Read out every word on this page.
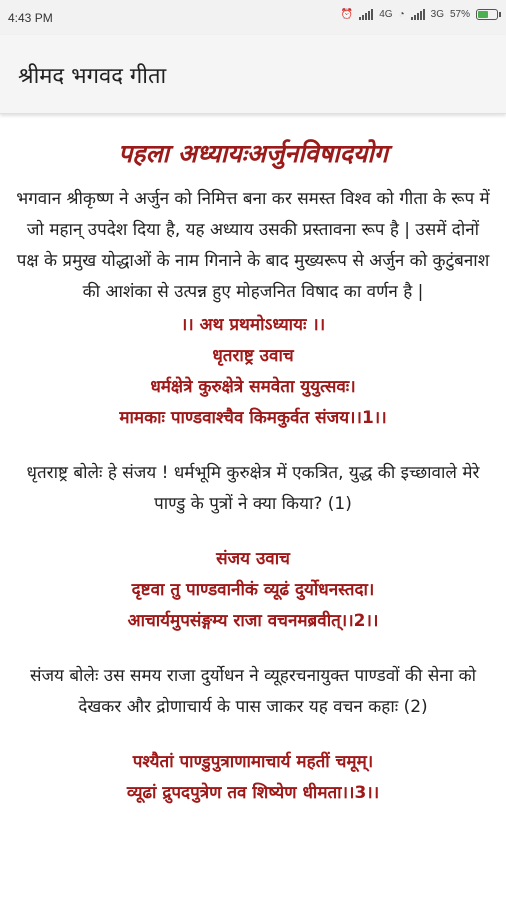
4:43 PM	⏰	4G ◔	3G 57%
श्रीमद भगवद गीता
पहला अध्यायःअर्जुनविषादयोग
भगवान श्रीकृष्ण ने अर्जुन को निमित्त बना कर समस्त विश्व को गीता के रूप में जो महान् उपदेश दिया है, यह अध्याय उसकी प्रस्तावना रूप है | उसमें दोनों पक्ष के प्रमुख योद्धाओं के नाम गिनाने के बाद मुख्यरूप से अर्जुन को कुटुंबनाश की आशंका से उत्पन्न हुए मोहजनित विषाद का वर्णन है |
।। अथ प्रथमोऽध्यायः ।।
धृतराष्ट्र उवाच
धर्मक्षेत्रे कुरुक्षेत्रे समवेता युयुत्सवः।
मामकाः पाण्डवाश्चैव किमकुर्वत संजय।।1।।
धृतराष्ट्र बोलेः हे संजय ! धर्मभूमि कुरुक्षेत्र में एकत्रित, युद्ध की इच्छावाले मेरे पाण्डु के पुत्रों ने क्या किया? (1)
संजय उवाच
दृष्टवा तु पाण्डवानीकं व्यूढं दुर्योधनस्तदा।
आचार्यमुपसंङ्गम्य राजा वचनमब्रवीत्।।2।।
संजय बोलेः उस समय राजा दुर्योधन ने व्यूहरचनायुक्त पाण्डवों की सेना को देखकर और द्रोणाचार्य के पास जाकर यह वचन कहाः (2)
पश्यैतां पाण्डुपुत्राणामाचार्य महतीं चमूम्।
व्यूढां द्रुपदपुत्रेण तव शिष्येण धीमता।।3।।
